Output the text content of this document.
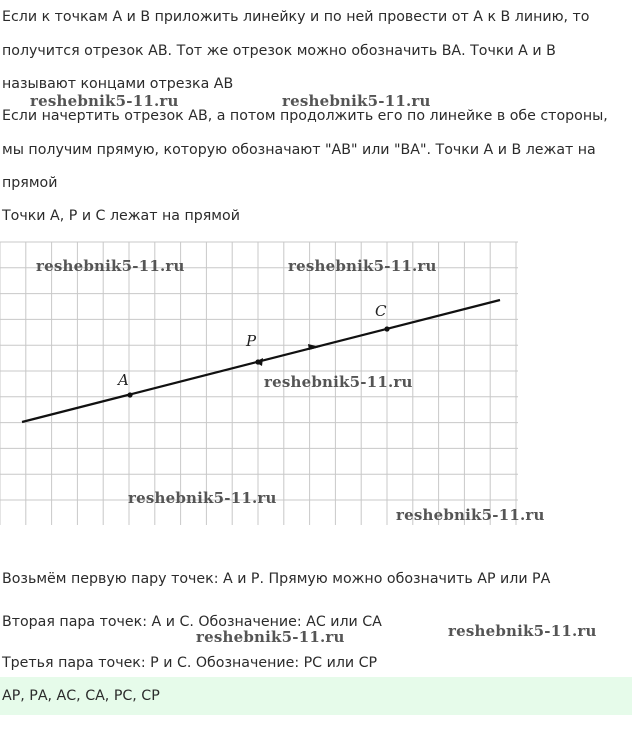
Если к точкам А и В приложить линейку и по ней провести от А к В линию, то
получится отрезок АВ. Тот же отрезок можно обозначить ВА. Точки А и В
называют концами отрезка АВ
Если начертить отрезок АВ, а потом продолжить его по линейке в обе стороны,
мы получим прямую, которую обозначают "АВ" или "ВА". Точки А и В лежат на
прямой
Точки А, Р и С лежат на прямой
A
P
C
Возьмём первую пару точек: А и Р. Прямую можно обозначить АР или РА
Вторая пара точек: А и С. Обозначение: АС или СА
Третья пара точек: Р и С. Обозначение: РС или СР
АР, РА, АС, СА, РС, СР
reshebnik5-11.ru	reshebnik5-11.ru
reshebnik5-11.ru	reshebnik5-11.ru
reshebnik5-11.ru
reshebnik5-11.ru
reshebnik5-11.ru
reshebnik5-11.ru	reshebnik5-11.ru
